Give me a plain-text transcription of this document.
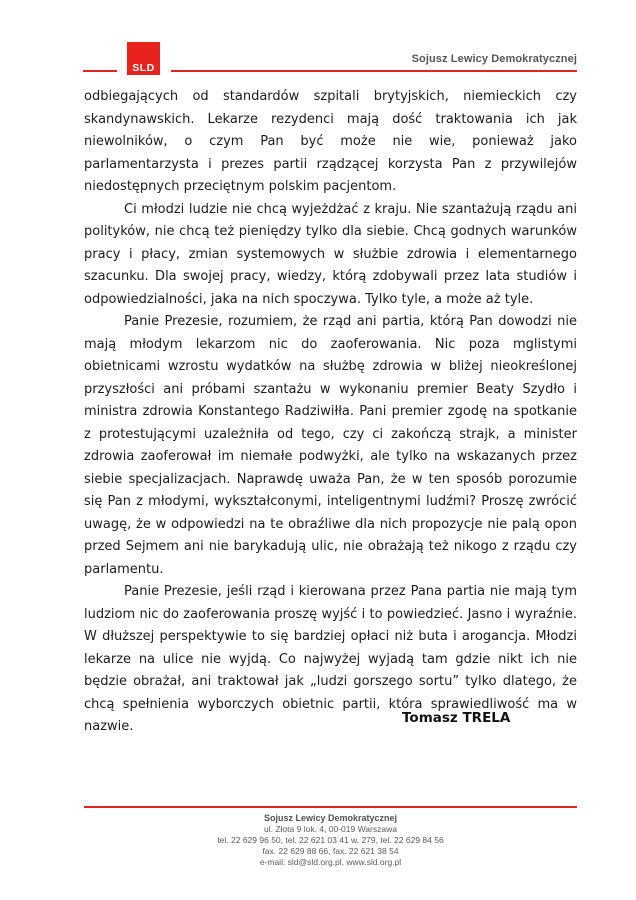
SLD
Sojusz Lewicy Demokratycznej

odbiegających od standardów szpitali brytyjskich, niemieckich czy skandynawskich. Lekarze rezydenci mają dość traktowania ich jak niewolników, o czym Pan być może nie wie, ponieważ jako parlamentarzysta i prezes partii rządzącej korzysta Pan z przywilejów niedostępnych przeciętnym polskim pacjentom.

Ci młodzi ludzie nie chcą wyjeżdżać z kraju. Nie szantażują rządu ani polityków, nie chcą też pieniędzy tylko dla siebie. Chcą godnych warunków pracy i płacy, zmian systemowych w służbie zdrowia i elementarnego szacunku. Dla swojej pracy, wiedzy, którą zdobywali przez lata studiów i odpowiedzialności, jaka na nich spoczywa. Tylko tyle, a może aż tyle.

Panie Prezesie, rozumiem, że rząd ani partia, którą Pan dowodzi nie mają młodym lekarzom nic do zaoferowania. Nic poza mglistymi obietnicami wzrostu wydatków na służbę zdrowia w bliżej nieokreślonej przyszłości ani próbami szantażu w wykonaniu premier Beaty Szydło i ministra zdrowia Konstantego Radziwiłła. Pani premier zgodę na spotkanie z protestującymi uzależniła od tego, czy ci zakończą strajk, a minister zdrowia zaoferował im niemałe podwyżki, ale tylko na wskazanych przez siebie specjalizacjach. Naprawdę uważa Pan, że w ten sposób porozumie się Pan z młodymi, wykształconymi, inteligentnymi ludźmi? Proszę zwrócić uwagę, że w odpowiedzi na te obraźliwe dla nich propozycje nie palą opon przed Sejmem ani nie barykadują ulic, nie obrażają też nikogo z rządu czy parlamentu.

Panie Prezesie, jeśli rząd i kierowana przez Pana partia nie mają tym ludziom nic do zaoferowania proszę wyjść i to powiedzieć. Jasno i wyraźnie. W dłuższej perspektywie to się bardziej opłaci niż buta i arogancja. Młodzi lekarze na ulice nie wyjdą. Co najwyżej wyjadą tam gdzie nikt ich nie będzie obrażał, ani traktował jak „ludzi gorszego sortu” tylko dlatego, że chcą spełnienia wyborczych obietnic partii, która sprawiedliwość ma w nazwie.

Tomasz TRELA
Sojusz Lewicy Demokratycznej
ul. Złota 9 lok. 4, 00-019 Warszawa
tel. 22 629 96 50, tel. 22 621 03 41 w. 279, tel. 22 629 84 56
fax. 22 629 88 66, fax. 22 621 38 54
e-mail: sld@sld.org.pl, www.sld.org.pl
